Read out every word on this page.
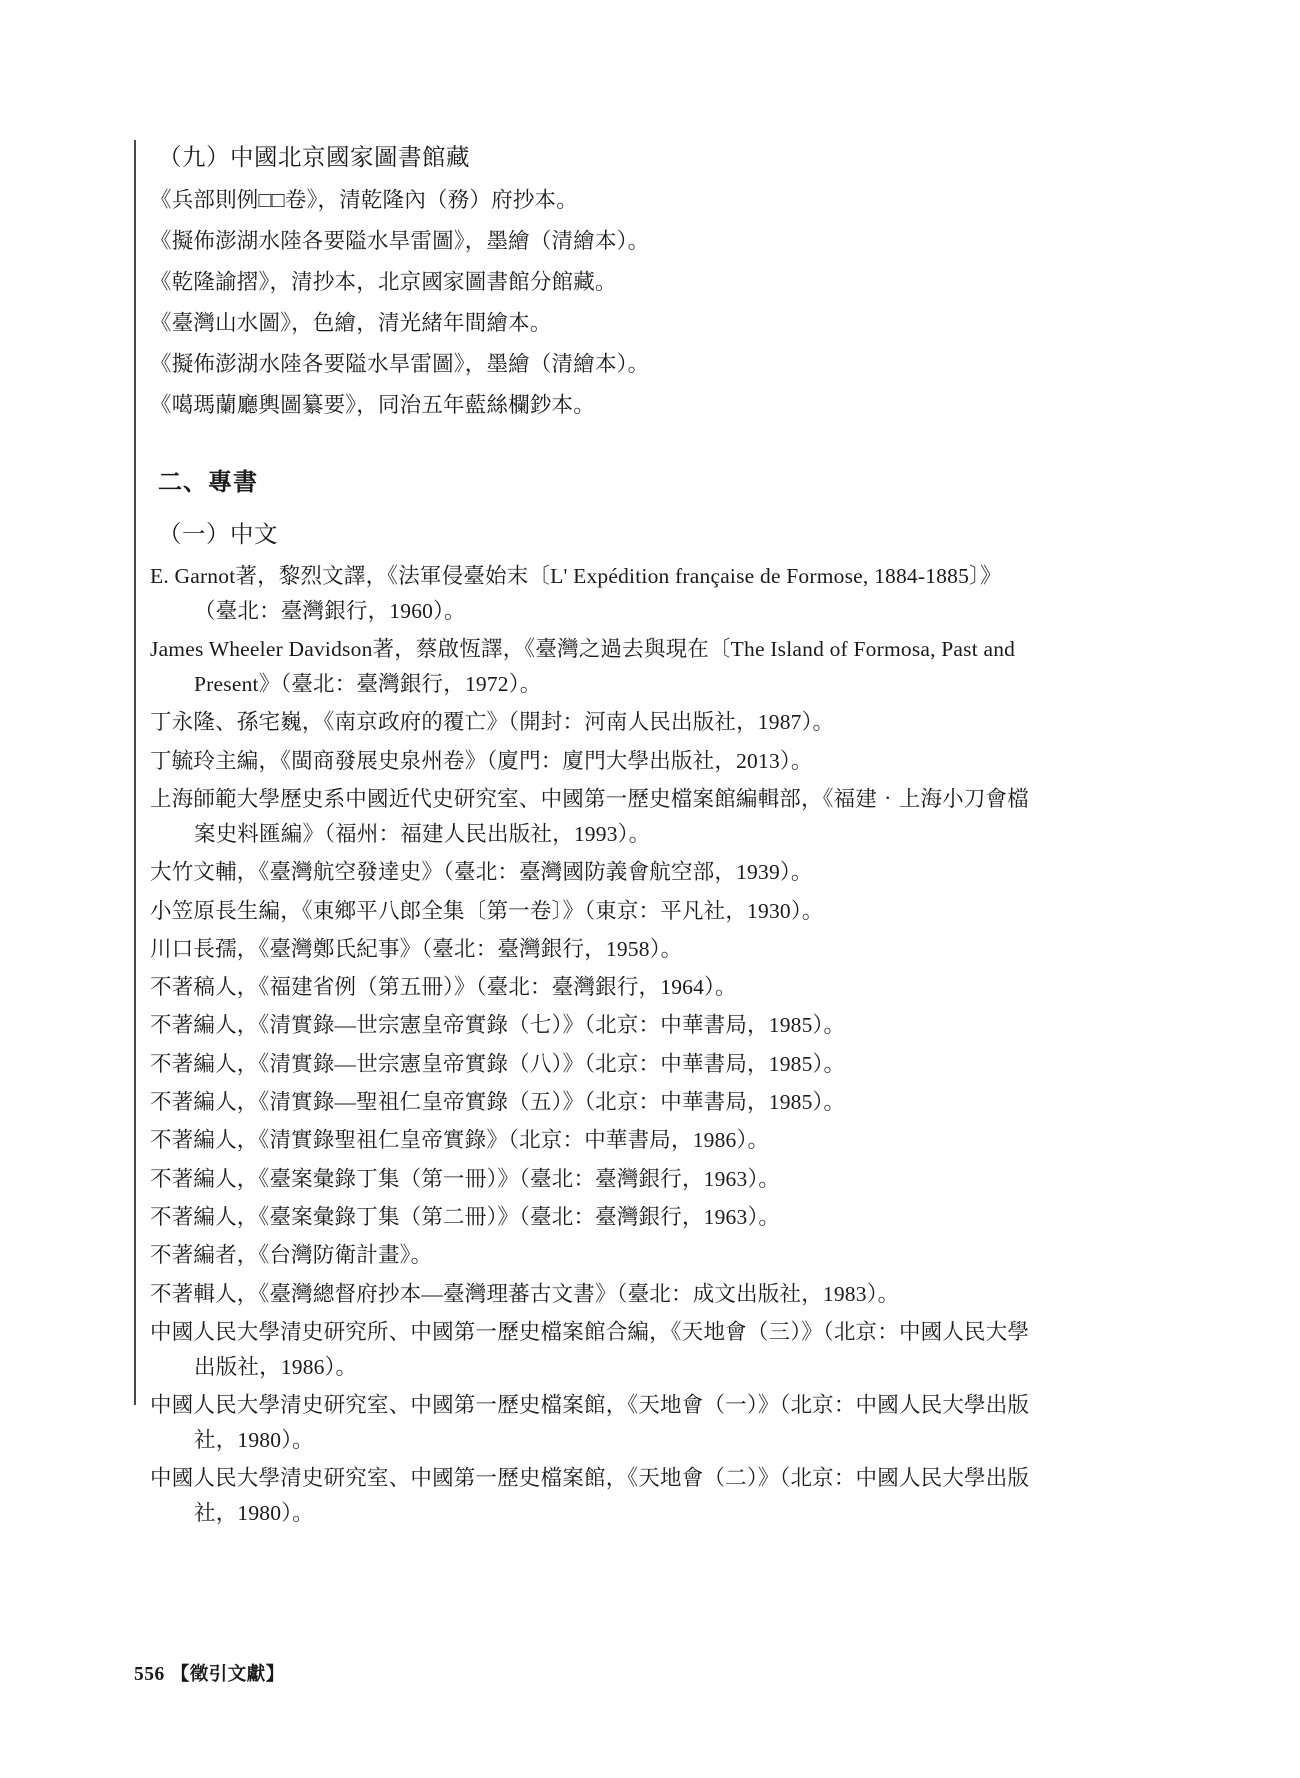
（九）中國北京國家圖書館藏
《兵部則例□□卷》，清乾隆內（務）府抄本。
《擬佈澎湖水陸各要隘水旱雷圖》，墨繪（清繪本）。
《乾隆諭摺》，清抄本，北京國家圖書館分館藏。
《臺灣山水圖》，色繪，清光緒年間繪本。
《擬佈澎湖水陸各要隘水旱雷圖》，墨繪（清繪本）。
《噶瑪蘭廳輿圖纂要》，同治五年藍絲欄鈔本。
二、專書
（一）中文
E. Garnot著，黎烈文譯，《法軍侵臺始末〔L' Expédition française de Formose, 1884-1885〕》
（臺北：臺灣銀行，1960）。
James Wheeler Davidson著，蔡啟恆譯，《臺灣之過去與現在〔The Island of Formosa, Past and
Present》（臺北：臺灣銀行，1972）。
丁永隆、孫宅巍，《南京政府的覆亡》（開封：河南人民出版社，1987）。
丁毓玲主編，《閩商發展史泉州卷》（廈門：廈門大學出版社，2013）。
上海師範大學歷史系中國近代史研究室、中國第一歷史檔案館編輯部，《福建‧上海小刀會檔
案史料匯編》（福州：福建人民出版社，1993）。
大竹文輔，《臺灣航空發達史》（臺北：臺灣國防義會航空部，1939）。
小笠原長生編，《東鄉平八郎全集〔第一卷〕》（東京：平凡社，1930）。
川口長孺，《臺灣鄭氏紀事》（臺北：臺灣銀行，1958）。
不著稿人，《福建省例（第五冊）》（臺北：臺灣銀行，1964）。
不著編人，《清實錄—世宗憲皇帝實錄（七）》（北京：中華書局，1985）。
不著編人，《清實錄—世宗憲皇帝實錄（八）》（北京：中華書局，1985）。
不著編人，《清實錄—聖祖仁皇帝實錄（五）》（北京：中華書局，1985）。
不著編人，《清實錄聖祖仁皇帝實錄》（北京：中華書局，1986）。
不著編人，《臺案彙錄丁集（第一冊）》（臺北：臺灣銀行，1963）。
不著編人，《臺案彙錄丁集（第二冊）》（臺北：臺灣銀行，1963）。
不著編者，《台灣防衛計畫》。
不著輯人，《臺灣總督府抄本—臺灣理蕃古文書》（臺北：成文出版社，1983）。
中國人民大學清史研究所、中國第一歷史檔案館合編，《天地會（三）》（北京：中國人民大學
出版社，1986）。
中國人民大學清史研究室、中國第一歷史檔案館，《天地會（一）》（北京：中國人民大學出版
社，1980）。
中國人民大學清史研究室、中國第一歷史檔案館，《天地會（二）》（北京：中國人民大學出版
社，1980）。
556 【徵引文獻】
